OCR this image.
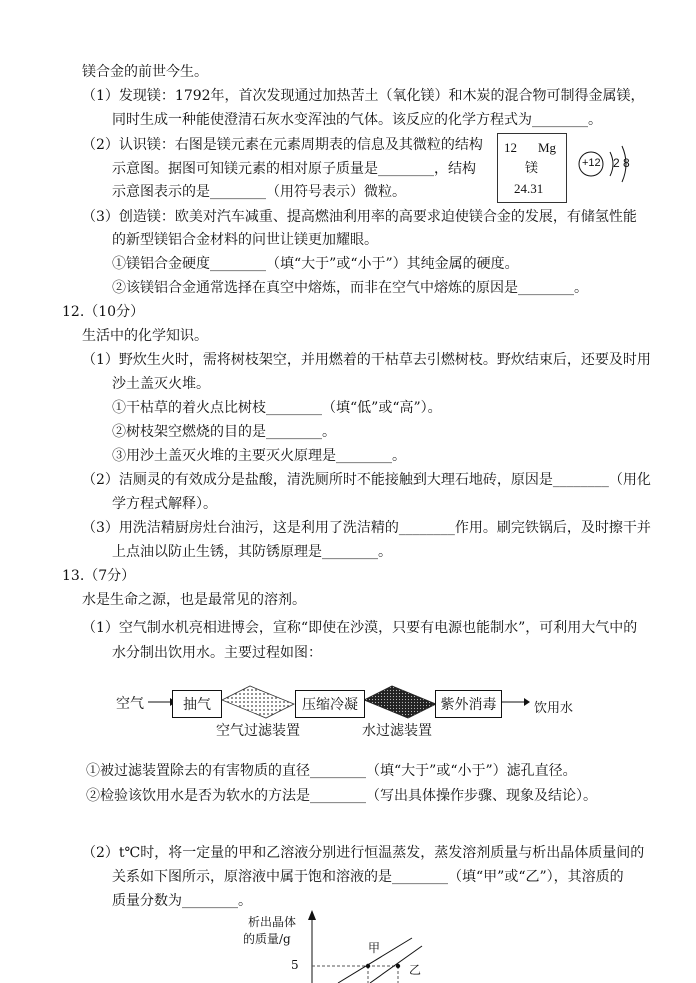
镁合金的前世今生。
（1）发现镁：1792年，首次发现通过加热苦土（氧化镁）和木炭的混合物可制得金属镁，
同时生成一种能使澄清石灰水变浑浊的气体。该反应的化学方程式为________。
（2）认识镁：右图是镁元素在元素周期表的信息及其微粒的结构
示意图。据图可知镁元素的相对原子质量是________，结构
示意图表示的是________（用符号表示）微粒。
12 Mg
镁
24.31
+12 2 8
（3）创造镁：欧美对汽车减重、提高燃油利用率的高要求迫使镁合金的发展，有储氢性能
的新型镁铝合金材料的问世让镁更加耀眼。
①镁铝合金硬度________（填“大于”或“小于”）其纯金属的硬度。
②该镁铝合金通常选择在真空中熔炼，而非在空气中熔炼的原因是________。
12.（10分）
生活中的化学知识。
（1）野炊生火时，需将树枝架空，并用燃着的干枯草去引燃树枝。野炊结束后，还要及时用
沙土盖灭火堆。
①干枯草的着火点比树枝________（填“低”或“高”）。
②树枝架空燃烧的目的是________。
③用沙土盖灭火堆的主要灭火原理是________。
（2）洁厕灵的有效成分是盐酸，清洗厕所时不能接触到大理石地砖，原因是________（用化
学方程式解释）。
（3）用洗洁精厨房灶台油污，这是利用了洗洁精的________作用。刷完铁锅后，及时擦干并
上点油以防止生锈，其防锈原理是________。
13.（7分）
水是生命之源，也是最常见的溶剂。
（1）空气制水机亮相进博会，宣称“即使在沙漠，只要有电源也能制水”，可利用大气中的
水分制出饮用水。主要过程如图：
空气	抽气	压缩冷凝	紫外消毒	饮用水
空气过滤装置	水过滤装置
①被过滤装置除去的有害物质的直径________（填“大于”或“小于”）滤孔直径。
②检验该饮用水是否为软水的方法是________（写出具体操作步骤、现象及结论）。
（2）t℃时，将一定量的甲和乙溶液分别进行恒温蒸发，蒸发溶剂质量与析出晶体质量间的
关系如下图所示，原溶液中属于饱和溶液的是________（填“甲”或“乙”），其溶质的
质量分数为________。
析出晶体
的质量/g
甲
乙
5
